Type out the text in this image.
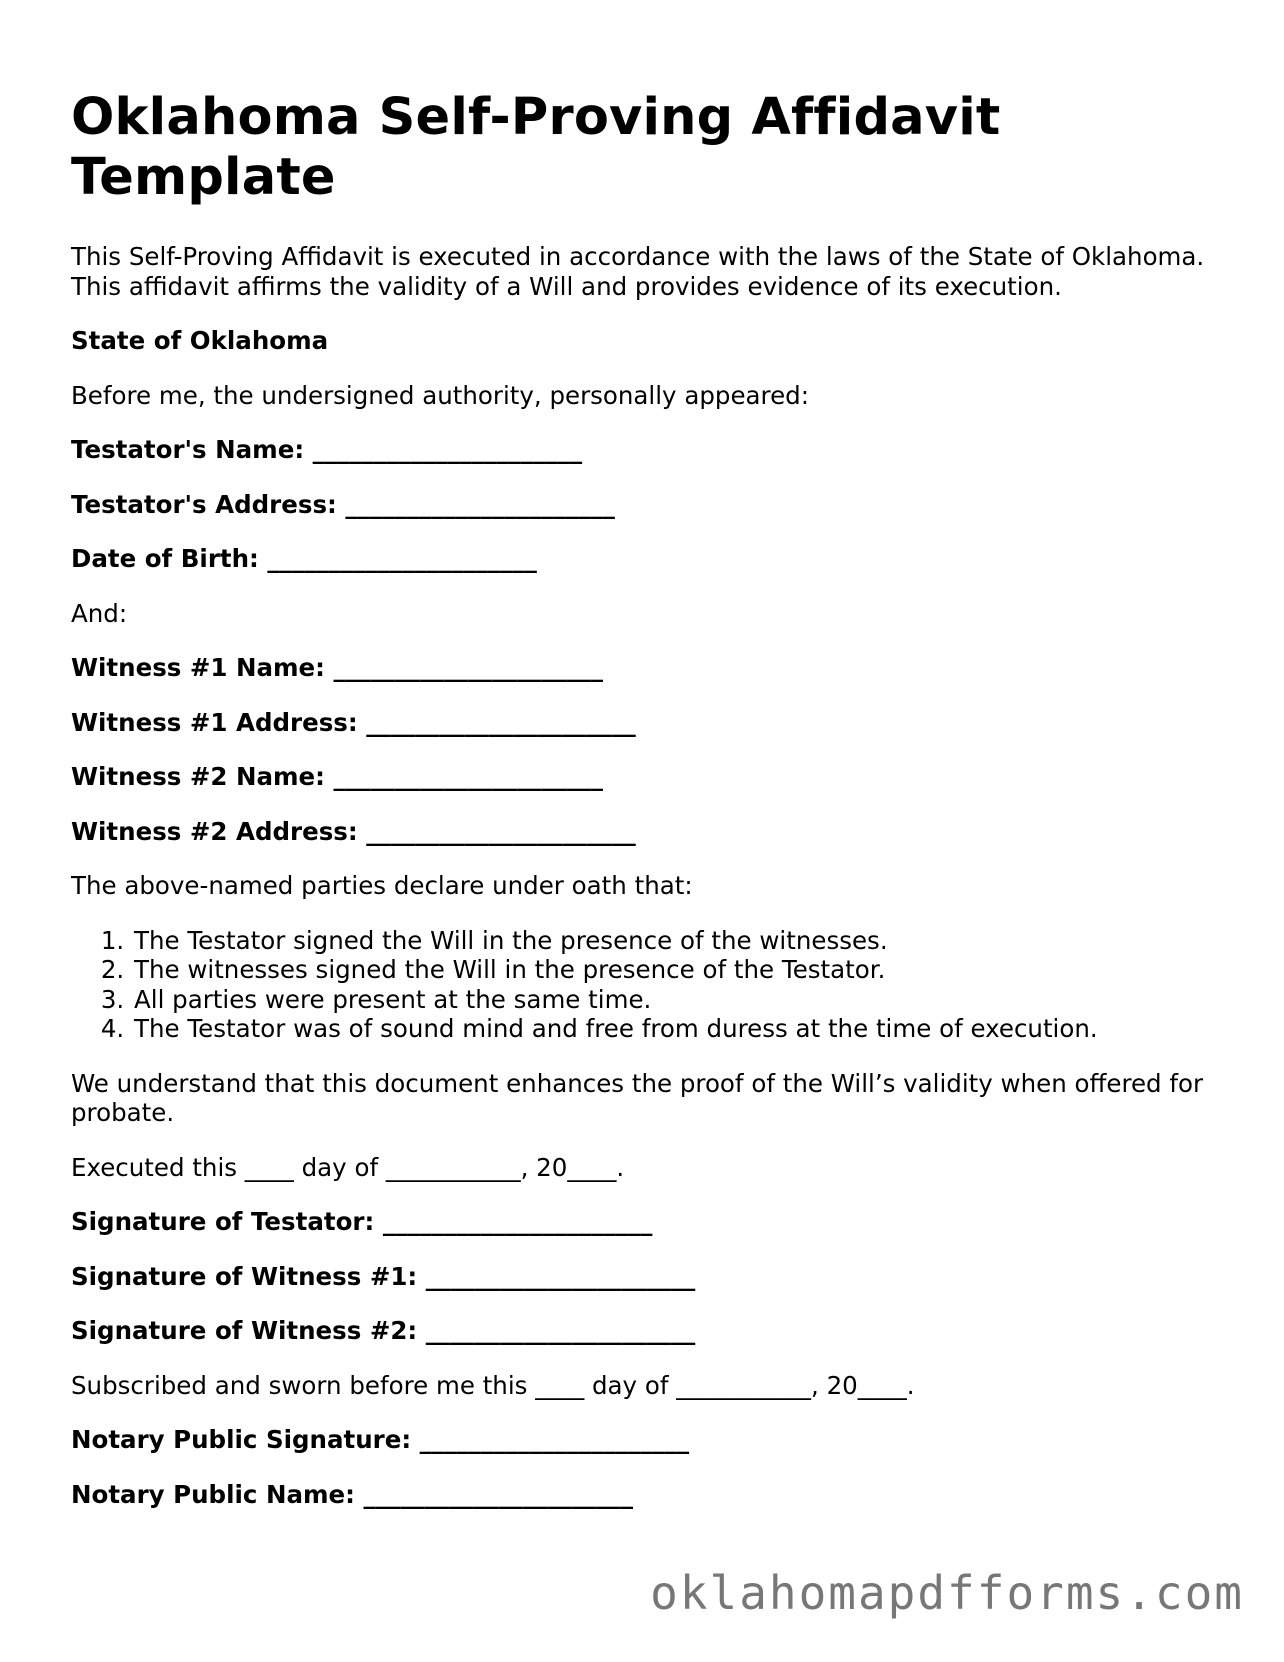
Oklahoma Self-Proving Affidavit Template

This Self-Proving Affidavit is executed in accordance with the laws of the State of Oklahoma. This affidavit affirms the validity of a Will and provides evidence of its execution.

State of Oklahoma

Before me, the undersigned authority, personally appeared:

Testator's Name: ______________________

Testator's Address: ______________________

Date of Birth: ______________________

And:

Witness #1 Name: ______________________

Witness #1 Address: ______________________

Witness #2 Name: ______________________

Witness #2 Address: ______________________

The above-named parties declare under oath that:

1. The Testator signed the Will in the presence of the witnesses.
2. The witnesses signed the Will in the presence of the Testator.
3. All parties were present at the same time.
4. The Testator was of sound mind and free from duress at the time of execution.

We understand that this document enhances the proof of the Will’s validity when offered for probate.

Executed this ____ day of ___________, 20____.

Signature of Testator: ______________________

Signature of Witness #1: ______________________

Signature of Witness #2: ______________________

Subscribed and sworn before me this ____ day of ___________, 20____.

Notary Public Signature: ______________________

Notary Public Name: ______________________

oklahomapdfforms.com
